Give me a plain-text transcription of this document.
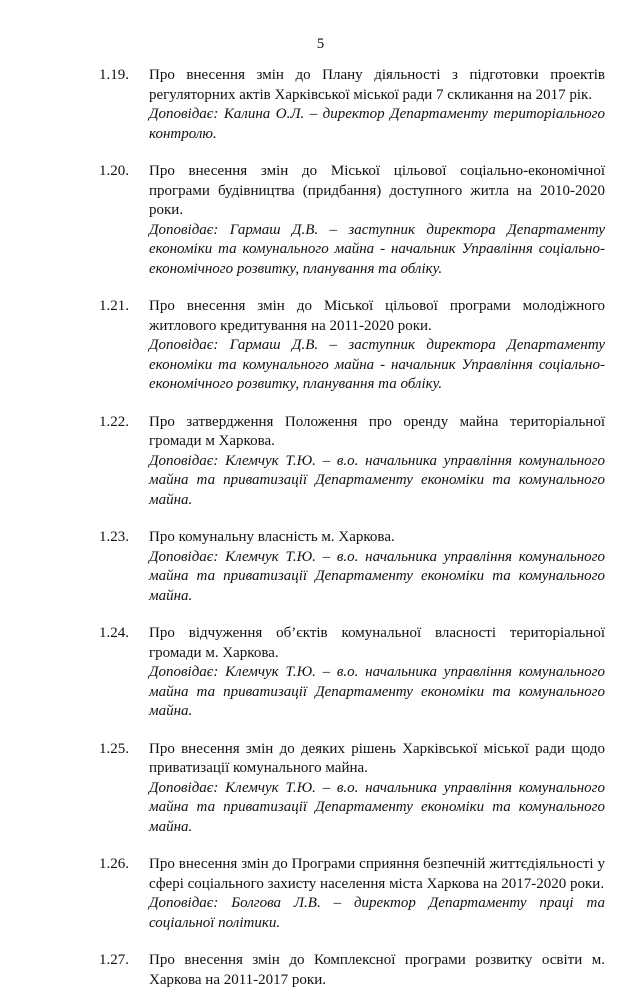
5
1.19. Про внесення змін до Плану діяльності з підготовки проектів регуляторних актів Харківської міської ради 7 скликання на 2017 рік.
Доповідає: Калина О.Л. – директор Департаменту територіального контролю.
1.20. Про внесення змін до Міської цільової соціально-економічної програми будівництва (придбання) доступного житла на 2010-2020 роки.
Доповідає: Гармаш Д.В. – заступник директора Департаменту економіки та комунального майна - начальник Управління соціально-економічного розвитку, планування та обліку.
1.21. Про внесення змін до Міської цільової програми молодіжного житлового кредитування на 2011-2020 роки.
Доповідає: Гармаш Д.В. – заступник директора Департаменту економіки та комунального майна - начальник Управління соціально-економічного розвитку, планування та обліку.
1.22. Про затвердження Положення про оренду майна територіальної громади м Харкова.
Доповідає: Клемчук Т.Ю. – в.о. начальника управління комунального майна та приватизації Департаменту економіки та комунального майна.
1.23. Про комунальну власність м. Харкова.
Доповідає: Клемчук Т.Ю. – в.о. начальника управління комунального майна та приватизації Департаменту економіки та комунального майна.
1.24. Про відчуження об’єктів комунальної власності територіальної громади м. Харкова.
Доповідає: Клемчук Т.Ю. – в.о. начальника управління комунального майна та приватизації Департаменту економіки та комунального майна.
1.25. Про внесення змін до деяких рішень Харківської міської ради щодо приватизації комунального майна.
Доповідає: Клемчук Т.Ю. – в.о. начальника управління комунального майна та приватизації Департаменту економіки та комунального майна.
1.26. Про внесення змін до Програми сприяння безпечній життєдіяльності у сфері соціального захисту населення міста Харкова на 2017-2020 роки.
Доповідає: Болгова Л.В. – директор Департаменту праці та соціальної політики.
1.27. Про внесення змін до Комплексної програми розвитку освіти м. Харкова на 2011-2017 роки.
